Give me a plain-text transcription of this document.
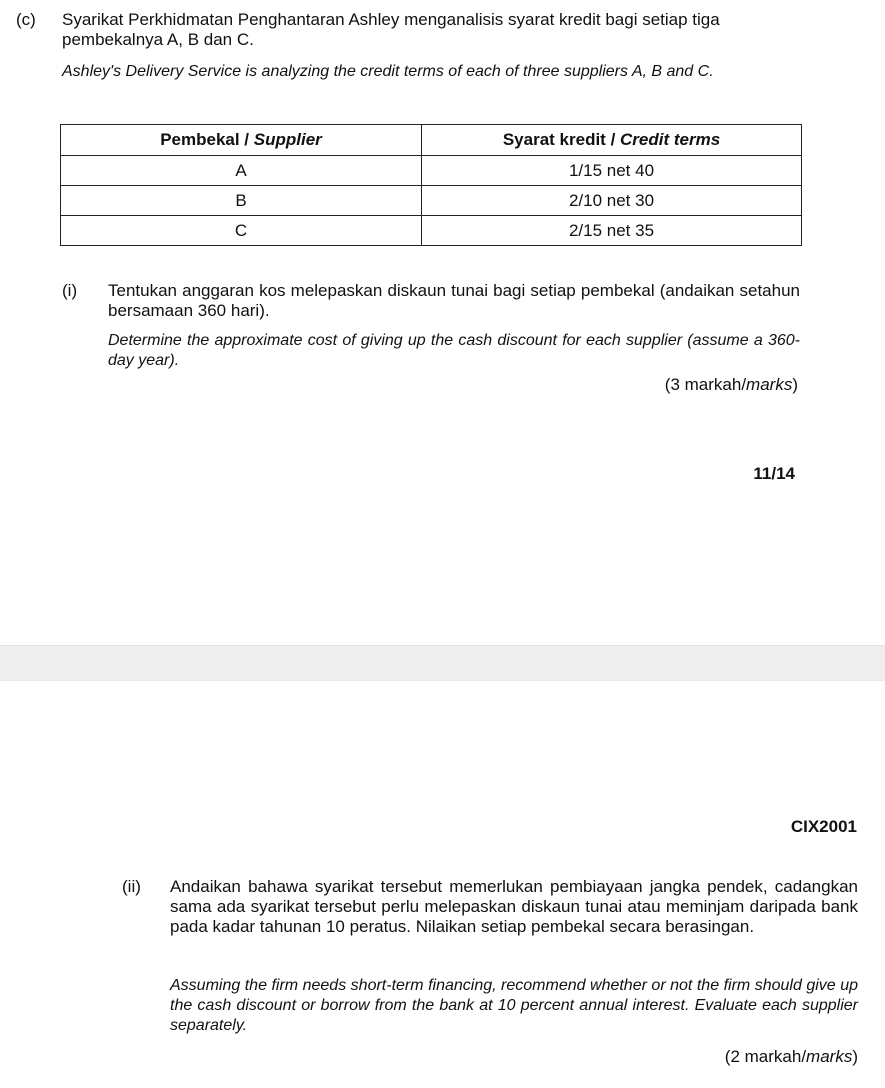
(c) Syarikat Perkhidmatan Penghantaran Ashley menganalisis syarat kredit bagi setiap tiga pembekalnya A, B dan C.
Ashley's Delivery Service is analyzing the credit terms of each of three suppliers A, B and C.
Pembekal / Supplier	Syarat kredit / Credit terms
A	1/15 net 40
B	2/10 net 30
C	2/15 net 35
(i) Tentukan anggaran kos melepaskan diskaun tunai bagi setiap pembekal (andaikan setahun bersamaan 360 hari).
Determine the approximate cost of giving up the cash discount for each supplier (assume a 360-day year).
(3 markah/marks)
11/14
CIX2001
(ii) Andaikan bahawa syarikat tersebut memerlukan pembiayaan jangka pendek, cadangkan sama ada syarikat tersebut perlu melepaskan diskaun tunai atau meminjam daripada bank pada kadar tahunan 10 peratus. Nilaikan setiap pembekal secara berasingan.
Assuming the firm needs short-term financing, recommend whether or not the firm should give up the cash discount or borrow from the bank at 10 percent annual interest. Evaluate each supplier separately.
(2 markah/marks)
